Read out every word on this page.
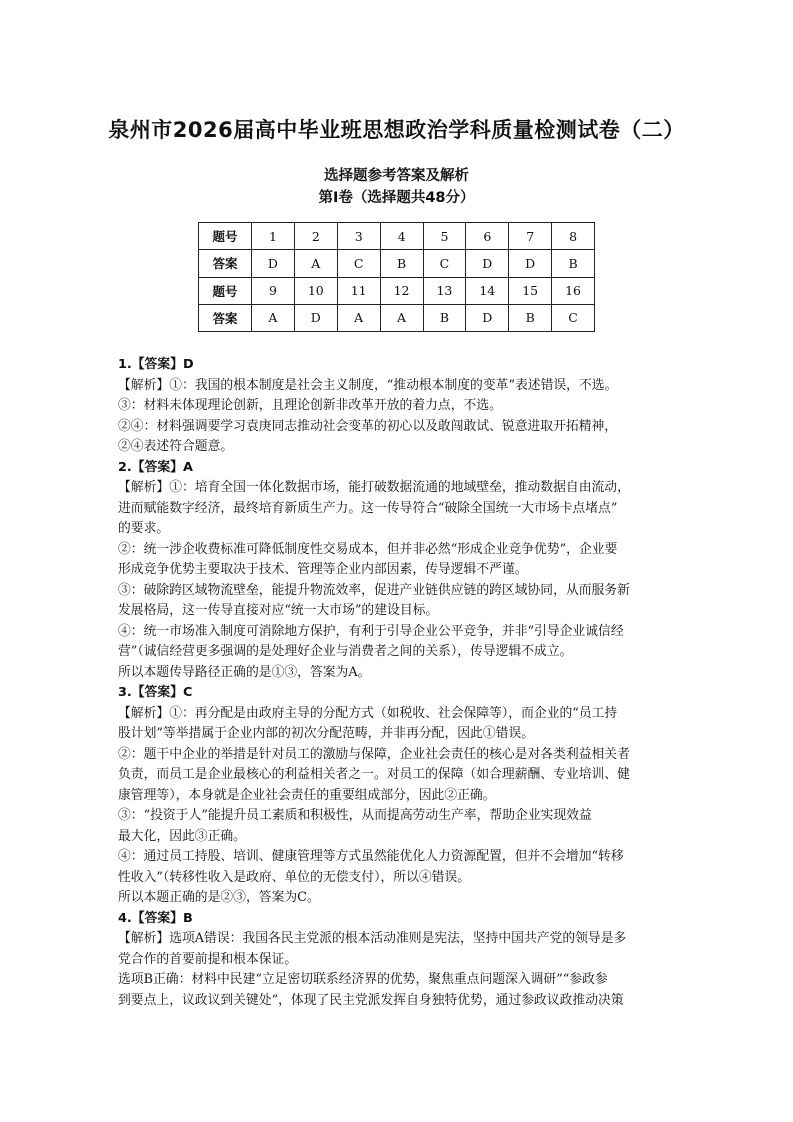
泉州市2026届高中毕业班思想政治学科质量检测试卷（二）
选择题参考答案及解析
第Ⅰ卷（选择题共48分）
题号	1	2	3	4	5	6	7	8
答案	D	A	C	B	C	D	D	B
题号	9	10	11	12	13	14	15	16
答案	A	D	A	A	B	D	B	C

1.【答案】D

【解析】①：我国的根本制度是社会主义制度，“推动根本制度的变革”表述错误，不选。

③：材料未体现理论创新，且理论创新非改革开放的着力点，不选。

②④：材料强调要学习袁庚同志推动社会变革的初心以及敢闯敢试、锐意进取开拓精神，

②④表述符合题意。

2.【答案】A

【解析】①：培育全国一体化数据市场，能打破数据流通的地域壁垒，推动数据自由流动，

进而赋能数字经济，最终培育新质生产力。这一传导符合“破除全国统一大市场卡点堵点”

的要求。

②：统一涉企收费标准可降低制度性交易成本，但并非必然“形成企业竞争优势”，企业要

形成竞争优势主要取决于技术、管理等企业内部因素，传导逻辑不严谨。

③：破除跨区域物流壁垒，能提升物流效率，促进产业链供应链的跨区域协同，从而服务新

发展格局，这一传导直接对应“统一大市场”的建设目标。

④：统一市场准入制度可消除地方保护，有利于引导企业公平竞争，并非“引导企业诚信经

营”（诚信经营更多强调的是处理好企业与消费者之间的关系），传导逻辑不成立。

所以本题传导路径正确的是①③，答案为A。

3.【答案】C

【解析】①：再分配是由政府主导的分配方式（如税收、社会保障等），而企业的“员工持

股计划”等举措属于企业内部的初次分配范畴，并非再分配，因此①错误。

②：题干中企业的举措是针对员工的激励与保障，企业社会责任的核心是对各类利益相关者

负责，而员工是企业最核心的利益相关者之一。对员工的保障（如合理薪酬、专业培训、健

康管理等），本身就是企业社会责任的重要组成部分，因此②正确。

③：“投资于人”能提升员工素质和积极性，从而提高劳动生产率，帮助企业实现效益

最大化，因此③正确。

④：通过员工持股、培训、健康管理等方式虽然能优化人力资源配置，但并不会增加“转移

性收入”（转移性收入是政府、单位的无偿支付），所以④错误。

所以本题正确的是②③，答案为C。

4.【答案】B

【解析】选项A错误：我国各民主党派的根本活动准则是宪法，坚持中国共产党的领导是多

党合作的首要前提和根本保证。

选项B正确：材料中民建“立足密切联系经济界的优势，聚焦重点问题深入调研”“参政参

到要点上，议政议到关键处”，体现了民主党派发挥自身独特优势，通过参政议政推动决策
